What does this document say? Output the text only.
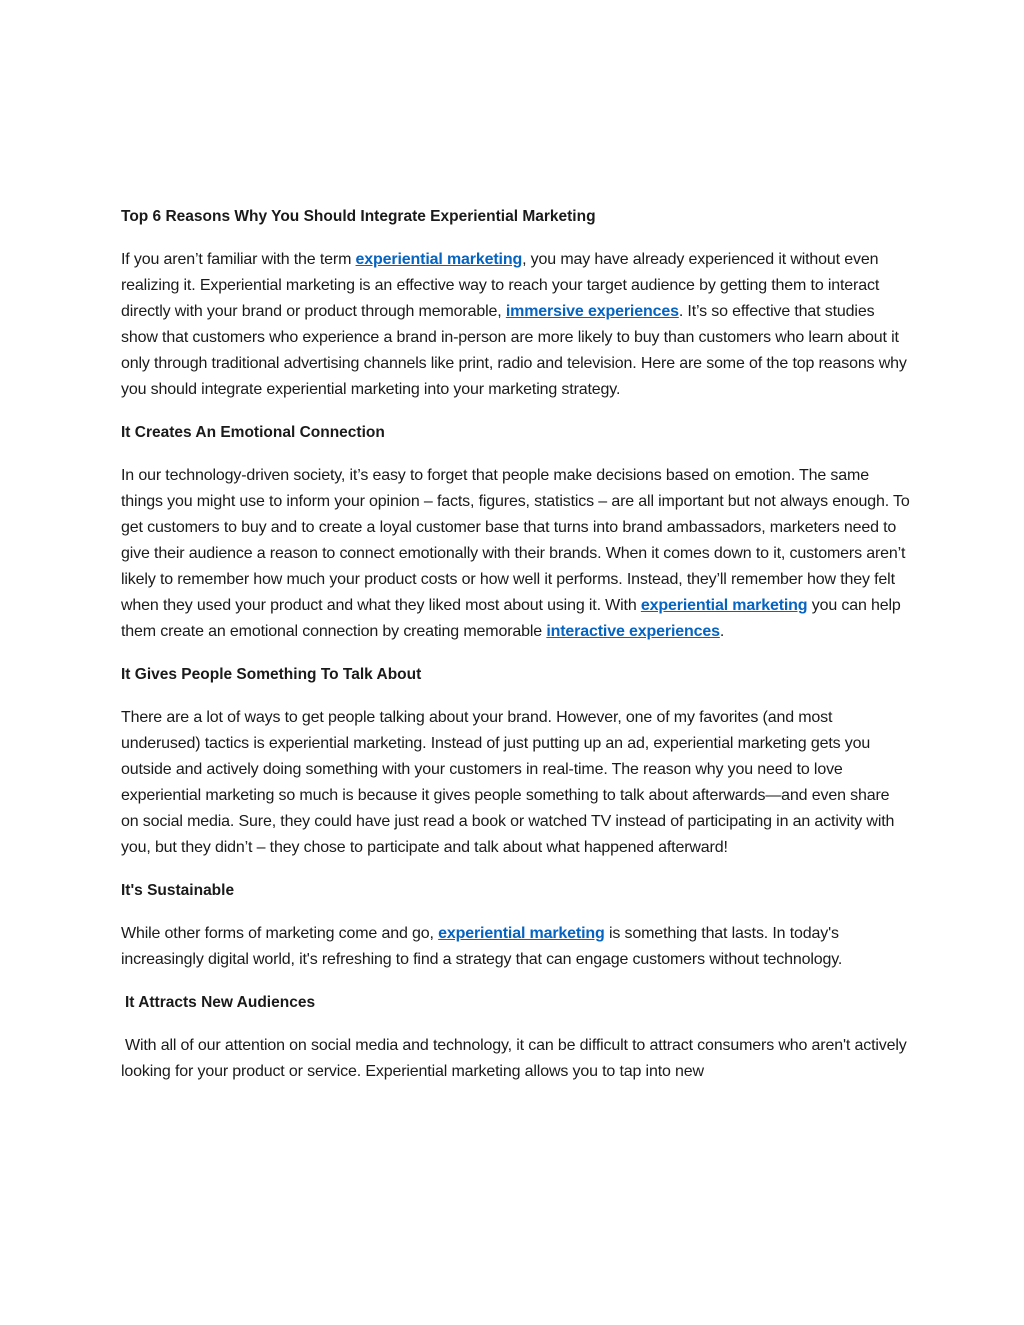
Top 6 Reasons Why You Should Integrate Experiential Marketing

If you aren’t familiar with the term experiential marketing, you may have already experienced it without even realizing it. Experiential marketing is an effective way to reach your target audience by getting them to interact directly with your brand or product through memorable, immersive experiences. It’s so effective that studies show that customers who experience a brand in-person are more likely to buy than customers who learn about it only through traditional advertising channels like print, radio and television. Here are some of the top reasons why you should integrate experiential marketing into your marketing strategy.

It Creates An Emotional Connection

In our technology-driven society, it’s easy to forget that people make decisions based on emotion. The same things you might use to inform your opinion – facts, figures, statistics – are all important but not always enough. To get customers to buy and to create a loyal customer base that turns into brand ambassadors, marketers need to give their audience a reason to connect emotionally with their brands. When it comes down to it, customers aren’t likely to remember how much your product costs or how well it performs. Instead, they’ll remember how they felt when they used your product and what they liked most about using it. With experiential marketing you can help them create an emotional connection by creating memorable interactive experiences.

It Gives People Something To Talk About

There are a lot of ways to get people talking about your brand. However, one of my favorites (and most underused) tactics is experiential marketing. Instead of just putting up an ad, experiential marketing gets you outside and actively doing something with your customers in real-time. The reason why you need to love experiential marketing so much is because it gives people something to talk about afterwards—and even share on social media. Sure, they could have just read a book or watched TV instead of participating in an activity with you, but they didn’t – they chose to participate and talk about what happened afterward!

It's Sustainable

While other forms of marketing come and go, experiential marketing is something that lasts. In today's increasingly digital world, it's refreshing to find a strategy that can engage customers without technology.

It Attracts New Audiences

With all of our attention on social media and technology, it can be difficult to attract consumers who aren't actively looking for your product or service. Experiential marketing allows you to tap into new
